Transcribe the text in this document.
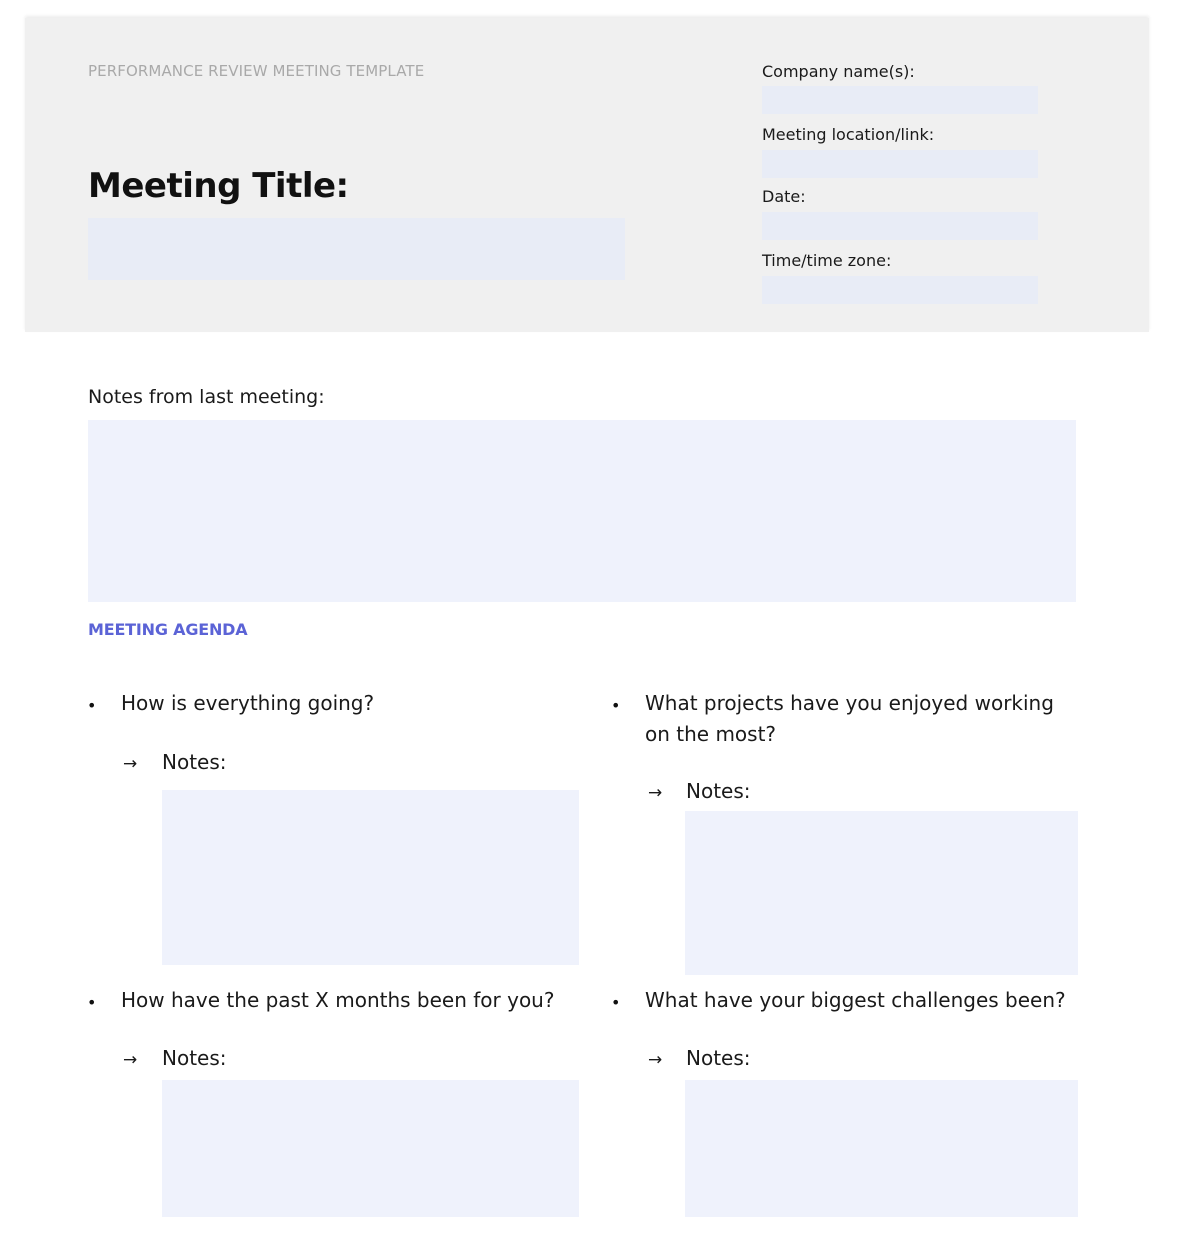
PERFORMANCE REVIEW MEETING TEMPLATE
Meeting Title:
Company name(s):
Meeting location/link:
Date:
Time/time zone:
Notes from last meeting:
MEETING AGENDA
• How is everything going?
→ Notes:
• What projects have you enjoyed working on the most?
→ Notes:
• How have the past X months been for you?
→ Notes:
• What have your biggest challenges been?
→ Notes:
